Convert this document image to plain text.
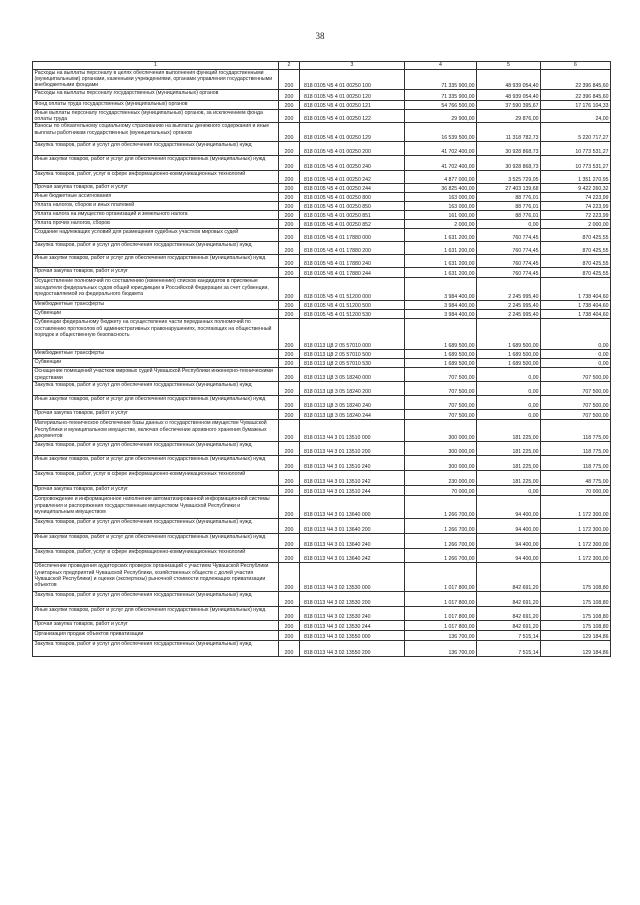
38
1	2	3	4	5	6
Расходы на выплаты персоналу в целях обеспечения выполнения функций государственными (муниципальными) органами, казенными учреждениями, органами управления государственными внебюджетными фондами	200	818 0105 Ч5 4 01 00250 100	71 335 900,00	48 939 054,40	22 396 845,60
Расходы на выплаты персоналу государственных (муниципальных) органов	200	818 0105 Ч5 4 01 00250 120	71 335 900,00	48 939 054,40	22 396 845,60
Фонд оплаты труда государственных (муниципальных) органов	200	818 0105 Ч5 4 01 00250 121	54 766 500,00	37 590 395,67	17 176 104,33
Иные выплаты персоналу государственных (муниципальных) органов, за исключением фонда оплаты труда	200	818 0105 Ч5 4 01 00250 122	29 900,00	29 876,00	24,00
Взносы по обязательному социальному страхованию на выплаты денежного содержания и иные выплаты работникам государственных (муниципальных) органов	200	818 0105 Ч5 4 01 00250 129	16 539 500,00	11 318 782,73	5 220 717,27
Закупка товаров, работ и услуг для обеспечения государственных (муниципальных) нужд	200	818 0105 Ч5 4 01 00250 200	41 702 400,00	30 928 868,73	10 773 531,27
Иные закупки товаров, работ и услуг для обеспечения государственных (муниципальных) нужд	200	818 0105 Ч5 4 01 00250 240	41 702 400,00	30 928 868,73	10 773 531,27
Закупка товаров, работ, услуг в сфере информационно-коммуникационных технологий	200	818 0105 Ч5 4 01 00250 242	4 877 000,00	3 525 729,05	1 351 270,95
Прочая закупка товаров, работ и услуг	200	818 0105 Ч5 4 01 00250 244	36 825 400,00	27 403 139,68	9 422 260,32
Иные бюджетные ассигнования	200	818 0105 Ч5 4 01 00250 800	163 000,00	88 776,01	74 223,99
Уплата налогов, сборов и иных платежей	200	818 0105 Ч5 4 01 00250 850	163 000,00	88 776,01	74 223,99
Уплата налога на имущество организаций и земельного налога	200	818 0105 Ч5 4 01 00250 851	161 000,00	88 776,01	72 223,99
Уплата прочих налогов, сборов	200	818 0105 Ч5 4 01 00250 852	2 000,00	0,00	2 000,00
Создание надлежащих условий для размещения судебных участков мировых судей	200	818 0105 Ч5 4 01 17880 000	1 631 200,00	760 774,45	870 425,55
Закупка товаров, работ и услуг для обеспечения государственных (муниципальных) нужд	200	818 0105 Ч5 4 01 17880 200	1 631 200,00	760 774,45	870 425,55
Иные закупки товаров, работ и услуг для обеспечения государственных (муниципальных) нужд	200	818 0105 Ч5 4 01 17880 240	1 631 200,00	760 774,45	870 425,55
Прочая закупка товаров, работ и услуг	200	818 0105 Ч5 4 01 17880 244	1 631 200,00	760 774,45	870 425,55
Осуществление полномочий по составлению (изменению) списков кандидатов в присяжные заседатели федеральных судов общей юрисдикции в Российской Федерации за счет субвенции, предоставляемой из федерального бюджета	200	818 0105 Ч5 4 01 51200 000	3 984 400,00	2 245 995,40	1 738 404,60
Межбюджетные трансферты	200	818 0105 Ч5 4 01 51200 500	3 984 400,00	2 245 995,40	1 738 404,60
Субвенции	200	818 0105 Ч5 4 01 51200 530	3 984 400,00	2 245 995,40	1 738 404,60
Субвенции федеральному бюджету на осуществление части переданных полномочий по составлению протоколов об административных правонарушениях, посягающих на общественный порядок и общественную безопасность	200	818 0113 Ц8 2 05 57010 000	1 689 500,00	1 689 500,00	0,00
Межбюджетные трансферты	200	818 0113 Ц8 2 05 57010 500	1 689 500,00	1 689 500,00	0,00
Субвенции	200	818 0113 Ц8 2 05 57010 530	1 689 500,00	1 689 500,00	0,00
Оснащение помещений участков мировых судей Чувашской Республики инженерно-техническими средствами	200	818 0113 Ц8 3 05 18240 000	707 500,00	0,00	707 500,00
Закупка товаров, работ и услуг для обеспечения государственных (муниципальных) нужд	200	818 0113 Ц8 3 05 18240 200	707 500,00	0,00	707 500,00
Иные закупки товаров, работ и услуг для обеспечения государственных (муниципальных) нужд	200	818 0113 Ц8 3 05 18240 240	707 500,00	0,00	707 500,00
Прочая закупка товаров, работ и услуг	200	818 0113 Ц8 3 05 18240 244	707 500,00	0,00	707 500,00
Материально-техническое обеспечение базы данных о государственном имуществе Чувашской Республики и муниципальном имуществе, включая обеспечение архивного хранения бумажных документов	200	818 0113 Ч4 3 01 13510 000	300 000,00	181 225,00	118 775,00
Закупка товаров, работ и услуг для обеспечения государственных (муниципальных) нужд	200	818 0113 Ч4 3 01 13510 200	300 000,00	181 225,00	118 775,00
Иные закупки товаров, работ и услуг для обеспечения государственных (муниципальных) нужд	200	818 0113 Ч4 3 01 13510 240	300 000,00	181 225,00	118 775,00
Закупка товаров, работ, услуг в сфере информационно-коммуникационных технологий	200	818 0113 Ч4 3 01 13510 242	230 000,00	181 225,00	48 775,00
Прочая закупка товаров, работ и услуг	200	818 0113 Ч4 3 01 13510 244	70 000,00	0,00	70 000,00
Сопровождение и информационное наполнение автоматизированной информационной системы управления и распоряжения государственным имуществом Чувашской Республики и муниципальным имуществом	200	818 0113 Ч4 3 01 13640 000	1 266 700,00	94 400,00	1 172 300,00
Закупка товаров, работ и услуг для обеспечения государственных (муниципальных) нужд	200	818 0113 Ч4 3 01 13640 200	1 266 700,00	94 400,00	1 172 300,00
Иные закупки товаров, работ и услуг для обеспечения государственных (муниципальных) нужд	200	818 0113 Ч4 3 01 13640 240	1 266 700,00	94 400,00	1 172 300,00
Закупка товаров, работ, услуг в сфере информационно-коммуникационных технологий	200	818 0113 Ч4 3 01 13640 242	1 266 700,00	94 400,00	1 172 300,00
Обеспечение проведения аудиторских проверок организаций с участием Чувашской Республики (унитарных предприятий Чувашской Республики, хозяйственных обществ с долей участия Чувашской Республики) и оценки (экспертизы) рыночной стоимости подлежащих приватизации объектов	200	818 0113 Ч4 3 02 13530 000	1 017 800,00	842 691,20	175 108,80
Закупка товаров, работ и услуг для обеспечения государственных (муниципальных) нужд	200	818 0113 Ч4 3 02 13530 200	1 017 800,00	842 691,20	175 108,80
Иные закупки товаров, работ и услуг для обеспечения государственных (муниципальных) нужд	200	818 0113 Ч4 3 02 13530 240	1 017 800,00	842 691,20	175 108,80
Прочая закупка товаров, работ и услуг	200	818 0113 Ч4 3 02 13530 244	1 017 800,00	842 691,20	175 108,80
Организация продаж объектов приватизации	200	818 0113 Ч4 3 02 13550 000	136 700,00	7 515,14	129 184,86
Закупка товаров, работ и услуг для обеспечения государственных (муниципальных) нужд	200	818 0113 Ч4 3 02 13550 200	136 700,00	7 515,14	129 184,86
